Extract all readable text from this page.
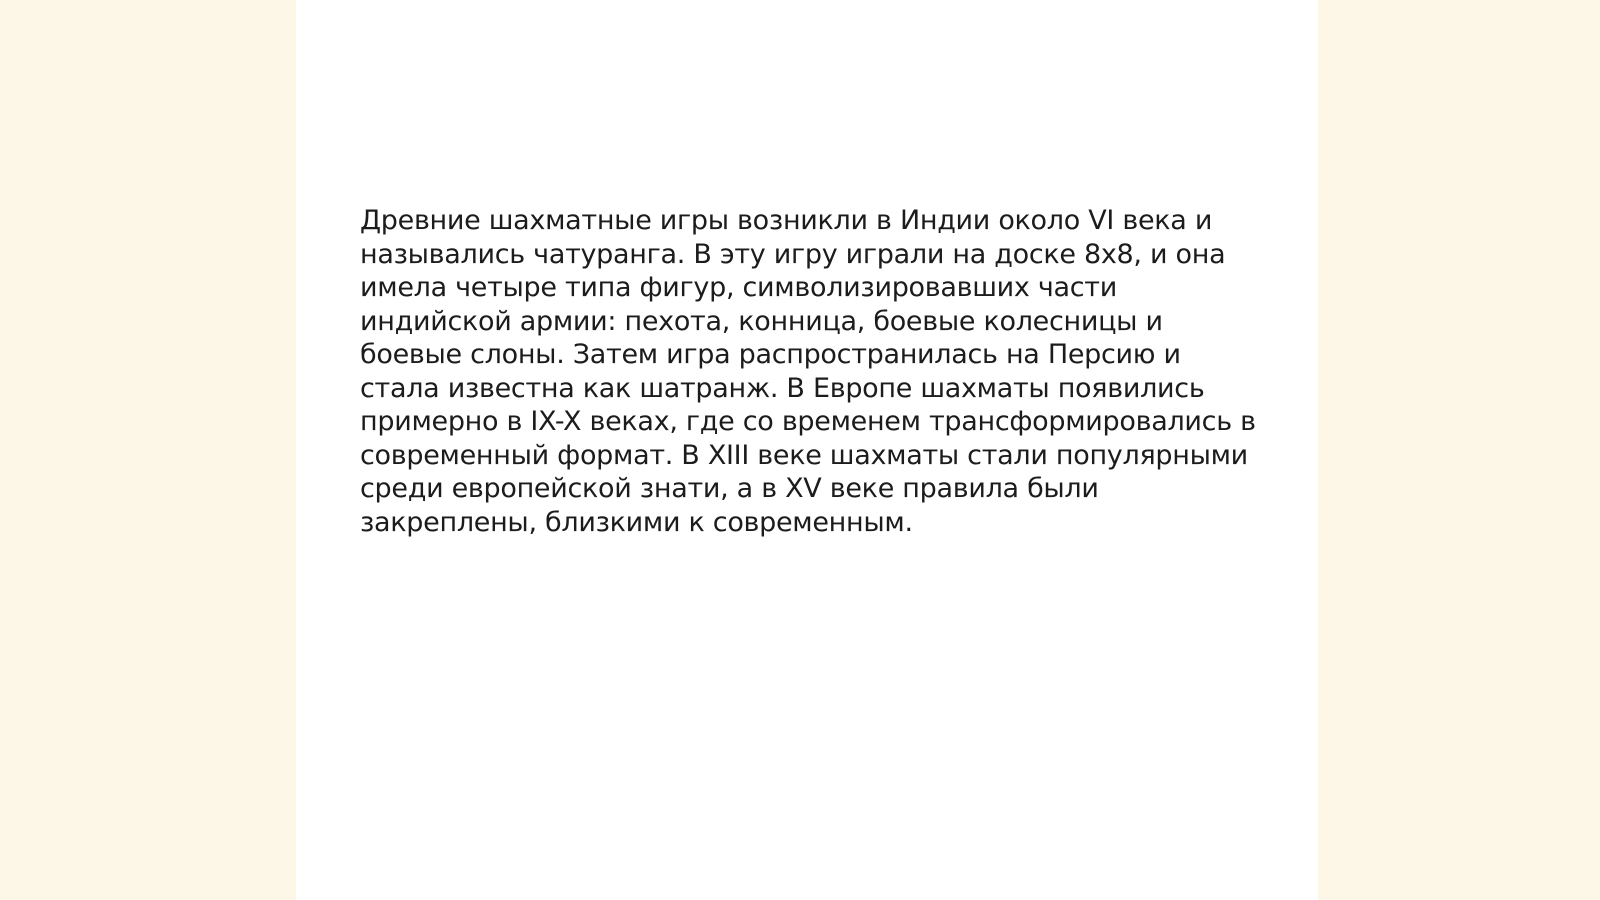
Древние шахматные игры возникли в Индии около VI века и
назывались чатуранга. В эту игру играли на доске 8x8, и она
имела четыре типа фигур, символизировавших части
индийской армии: пехота, конница, боевые колесницы и
боевые слоны. Затем игра распространилась на Персию и
стала известна как шатранж. В Европе шахматы появились
примерно в IX-X веках, где со временем трансформировались в
современный формат. В XIII веке шахматы стали популярными
среди европейской знати, а в XV веке правила были
закреплены, близкими к современным.
